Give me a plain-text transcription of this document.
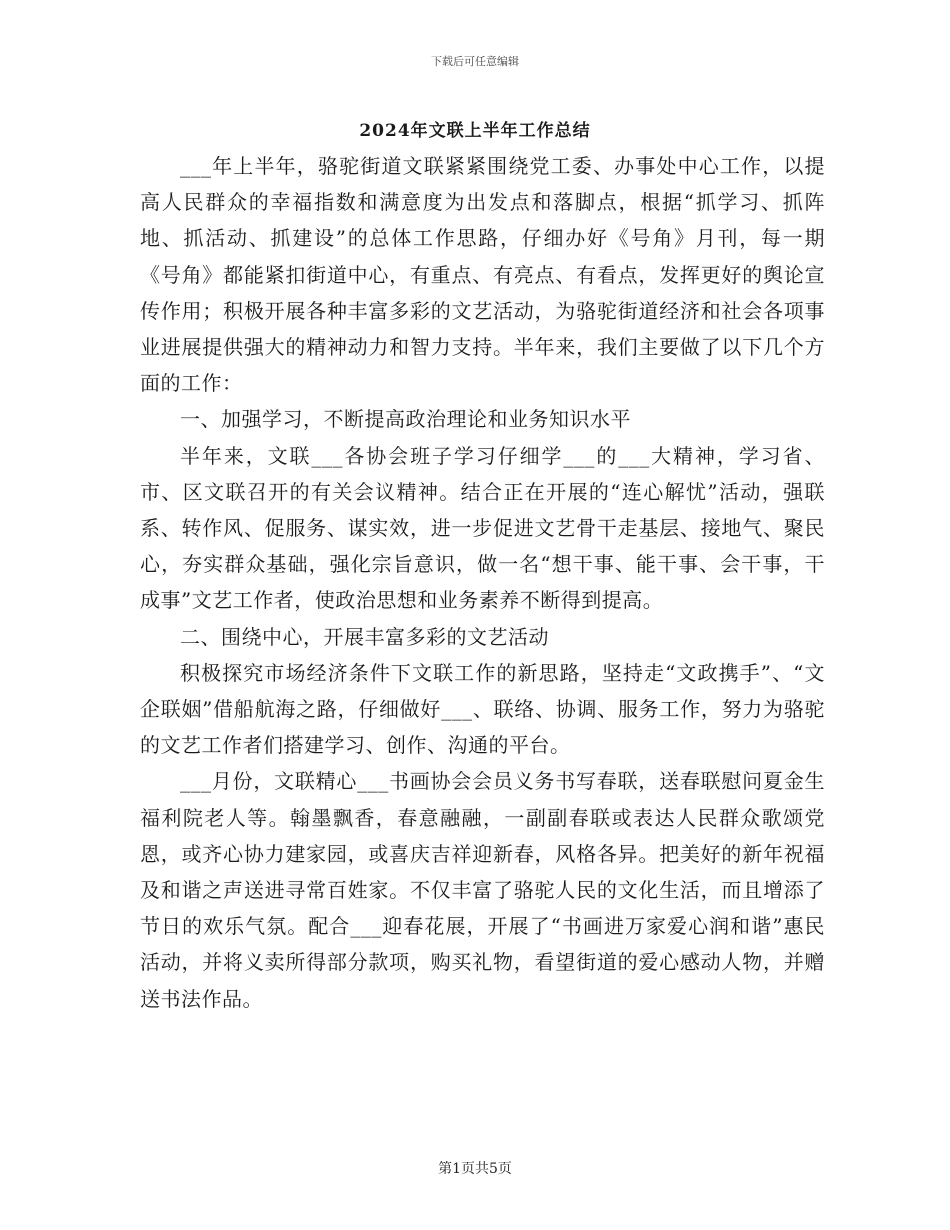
下载后可任意编辑
2024年文联上半年工作总结

___年上半年，骆驼街道文联紧紧围绕党工委、办事处中心工作，以提高人民群众的幸福指数和满意度为出发点和落脚点，根据“抓学习、抓阵地、抓活动、抓建设”的总体工作思路，仔细办好《号角》月刊，每一期《号角》都能紧扣街道中心，有重点、有亮点、有看点，发挥更好的舆论宣传作用；积极开展各种丰富多彩的文艺活动，为骆驼街道经济和社会各项事业进展提供强大的精神动力和智力支持。半年来，我们主要做了以下几个方面的工作：

一、加强学习，不断提高政治理论和业务知识水平

半年来，文联___各协会班子学习仔细学___的___大精神，学习省、市、区文联召开的有关会议精神。结合正在开展的“连心解忧”活动，强联系、转作风、促服务、谋实效，进一步促进文艺骨干走基层、接地气、聚民心，夯实群众基础，强化宗旨意识，做一名“想干事、能干事、会干事，干成事”文艺工作者，使政治思想和业务素养不断得到提高。

二、围绕中心，开展丰富多彩的文艺活动

积极探究市场经济条件下文联工作的新思路，坚持走“文政携手”、“文企联姻”借船航海之路，仔细做好___、联络、协调、服务工作，努力为骆驼的文艺工作者们搭建学习、创作、沟通的平台。

___月份，文联精心___书画协会会员义务书写春联，送春联慰问夏金生福利院老人等。翰墨飘香，春意融融，一副副春联或表达人民群众歌颂党恩，或齐心协力建家园，或喜庆吉祥迎新春，风格各异。把美好的新年祝福及和谐之声送进寻常百姓家。不仅丰富了骆驼人民的文化生活，而且增添了节日的欢乐气氛。配合___迎春花展，开展了“书画进万家爱心润和谐”惠民活动，并将义卖所得部分款项，购买礼物，看望街道的爱心感动人物，并赠送书法作品。

第1页共5页
